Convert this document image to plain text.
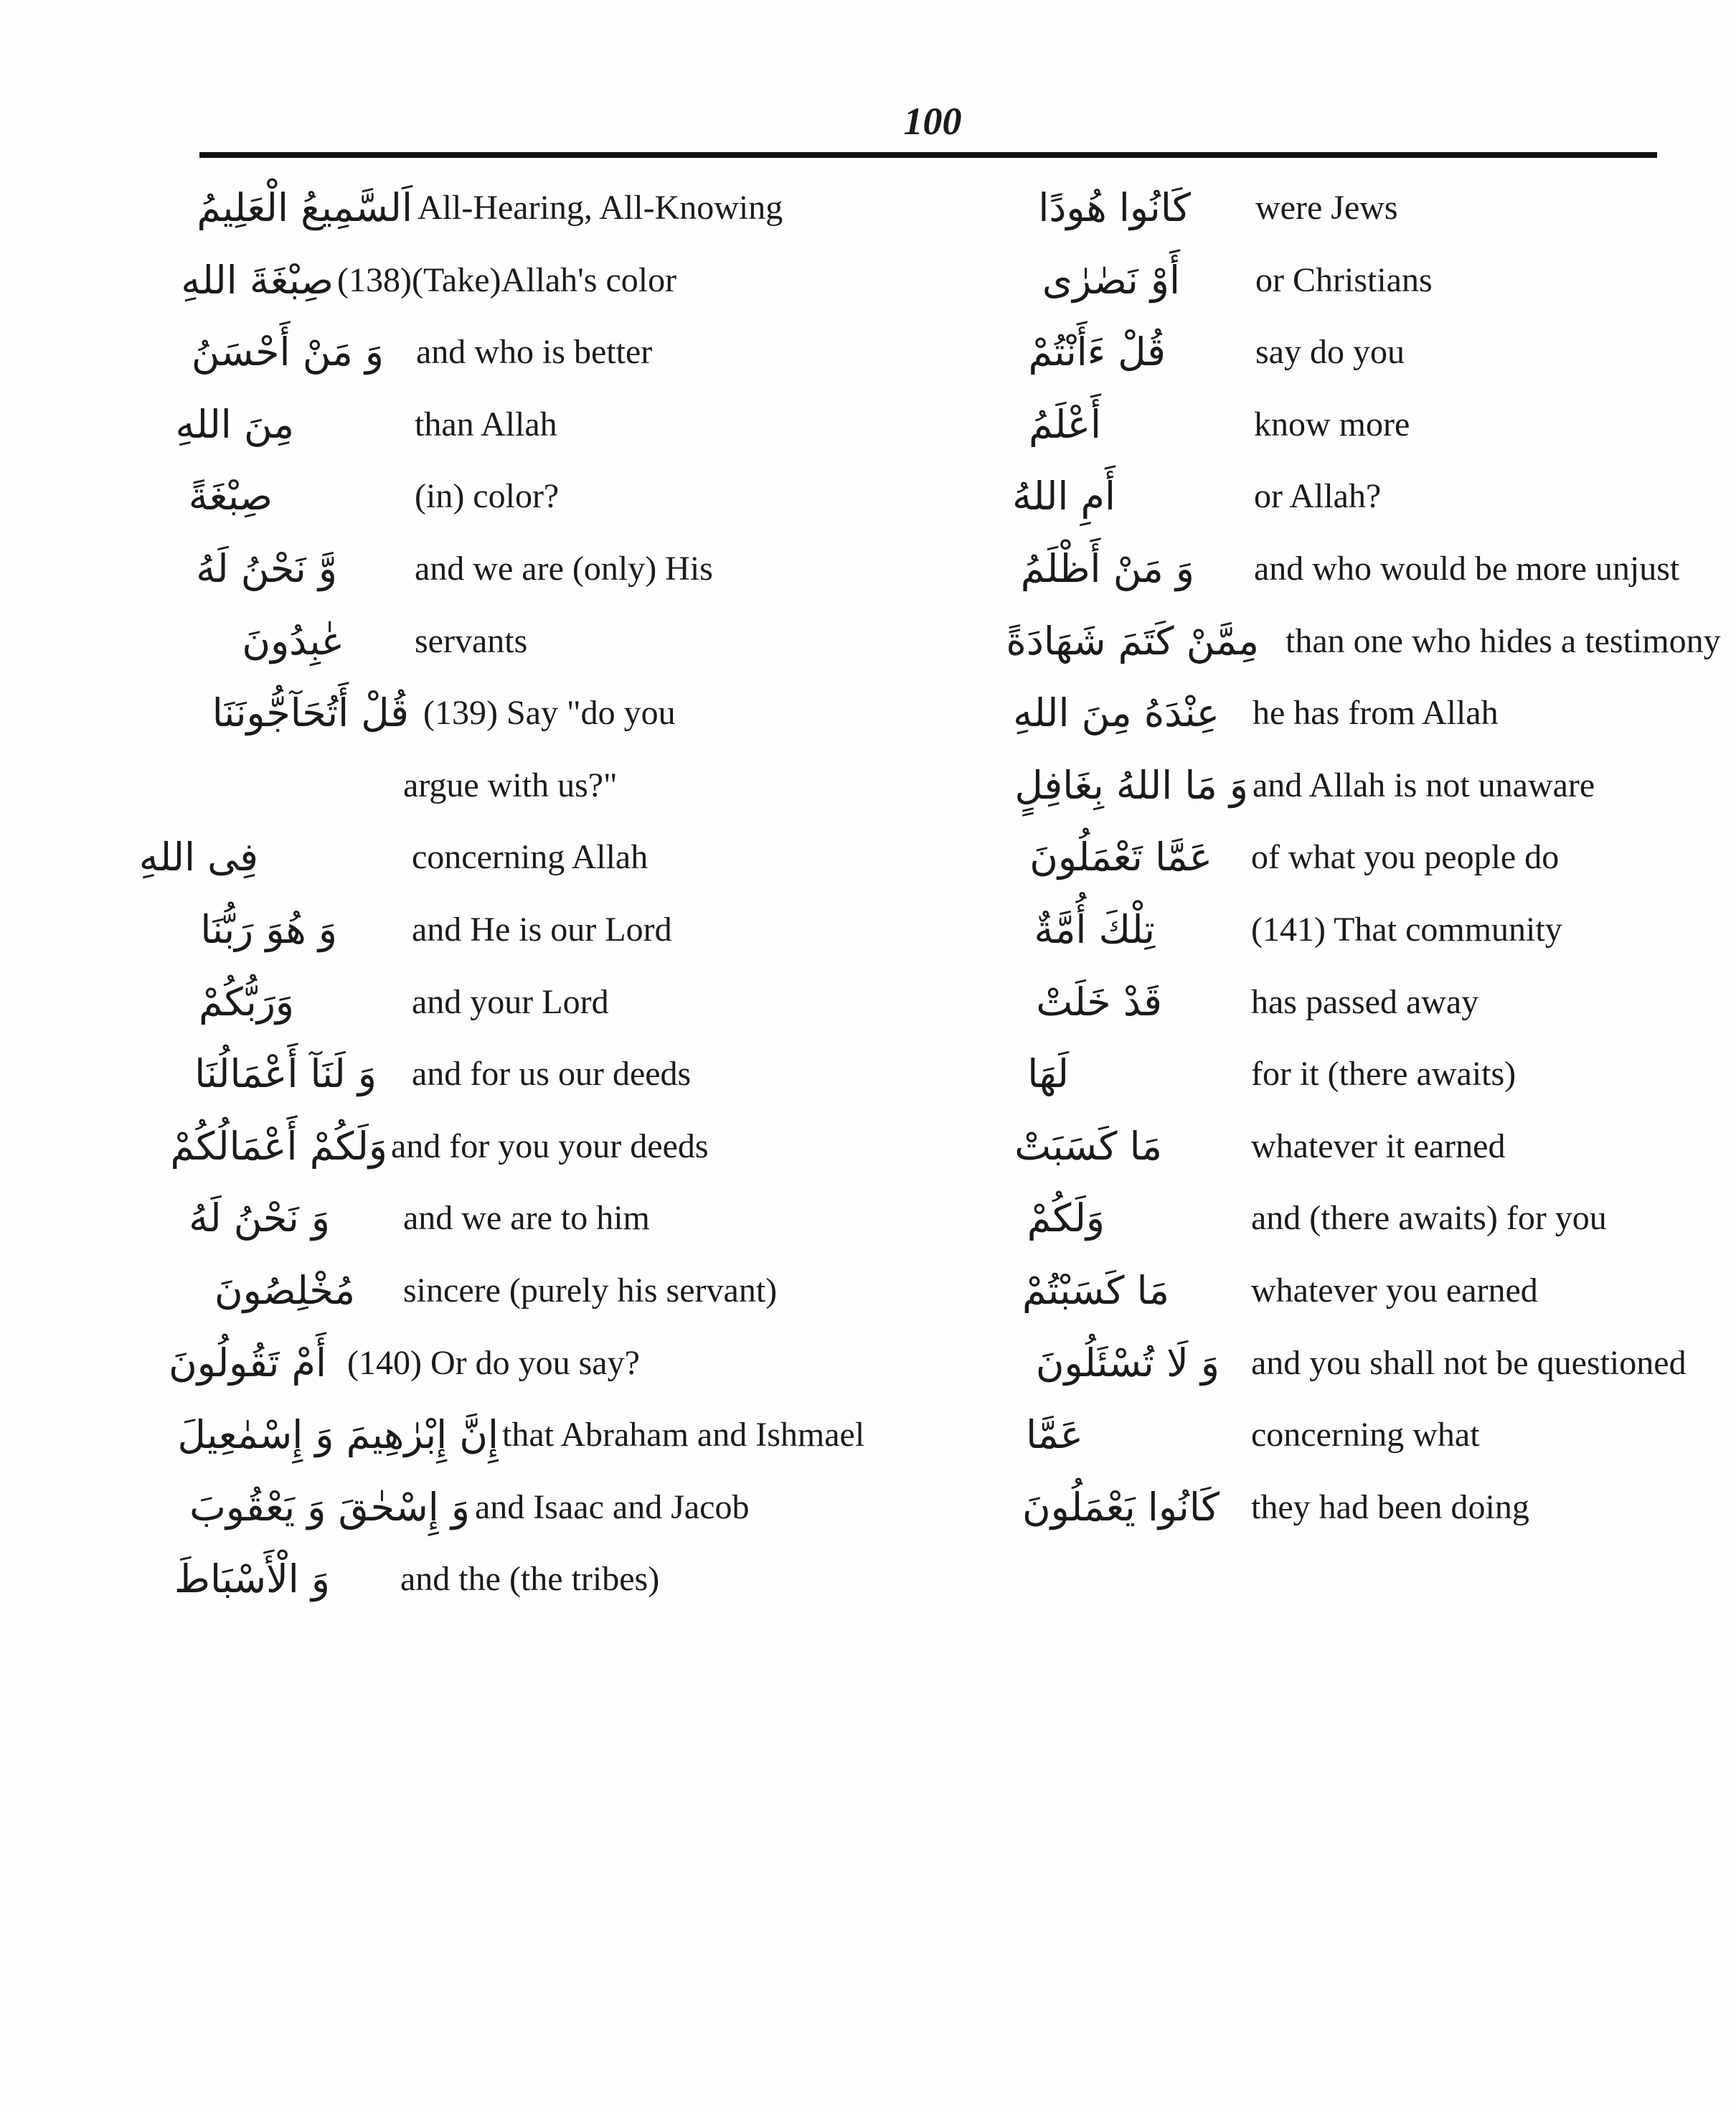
100
اَلسَّمِيعُ الْعَلِيمُ All-Hearing, All-Knowing
صِبْغَةَ اللهِ (138)(Take)Allah's color
وَ مَنْ أَحْسَنُ and who is better
مِنَ اللهِ	than Allah
صِبْغَةً	(in) color?
وَّ نَحْنُ لَهُ and we are (only) His
عٰبِدُونَ servants
قُلْ أَتُحَآجُّونَنَا (139) Say "do you
argue with us?"
فِى اللهِ	concerning Allah
وَ هُوَ رَبُّنَا and He is our Lord
وَرَبُّكُمْ	and your Lord
وَ لَنَآ أَعْمَالُنَا and for us our deeds
وَلَكُمْ أَعْمَالُكُمْ and for you your deeds
وَ نَحْنُ لَهُ and we are to him
مُخْلِصُونَ sincere (purely his servant)
أَمْ تَقُولُونَ (140) Or do you say?
إِنَّ إِبْرٰهِيمَ وَ إِسْمٰعِيلَ that Abraham and Ishmael
وَ إِسْحٰقَ وَ يَعْقُوبَ and Isaac and Jacob
وَ الْأَسْبَاطَ and the (the tribes)
كَانُوا هُودًا were Jews
أَوْ نَصٰرٰى or Christians
قُلْ ءَأَنْتُمْ	say do you
أَعْلَمُ	know more
أَمِ اللهُ	or Allah?
وَ مَنْ أَظْلَمُ and who would be more unjust
مِمَّنْ كَتَمَ شَهَادَةً than one who hides a testimony
عِنْدَهُ مِنَ اللهِ he has from Allah
وَ مَا اللهُ بِغَافِلٍ and Allah is not unaware
عَمَّا تَعْمَلُونَ of what you people do
تِلْكَ أُمَّةٌ	(141) That community
قَدْ خَلَتْ	has passed away
لَهَا	for it (there awaits)
مَا كَسَبَتْ	whatever it earned
وَلَكُمْ	and (there awaits) for you
مَا كَسَبْتُمْ whatever you earned
وَ لَا تُسْئَلُونَ and you shall not be questioned
عَمَّا	concerning what
كَانُوا يَعْمَلُونَ they had been doing
